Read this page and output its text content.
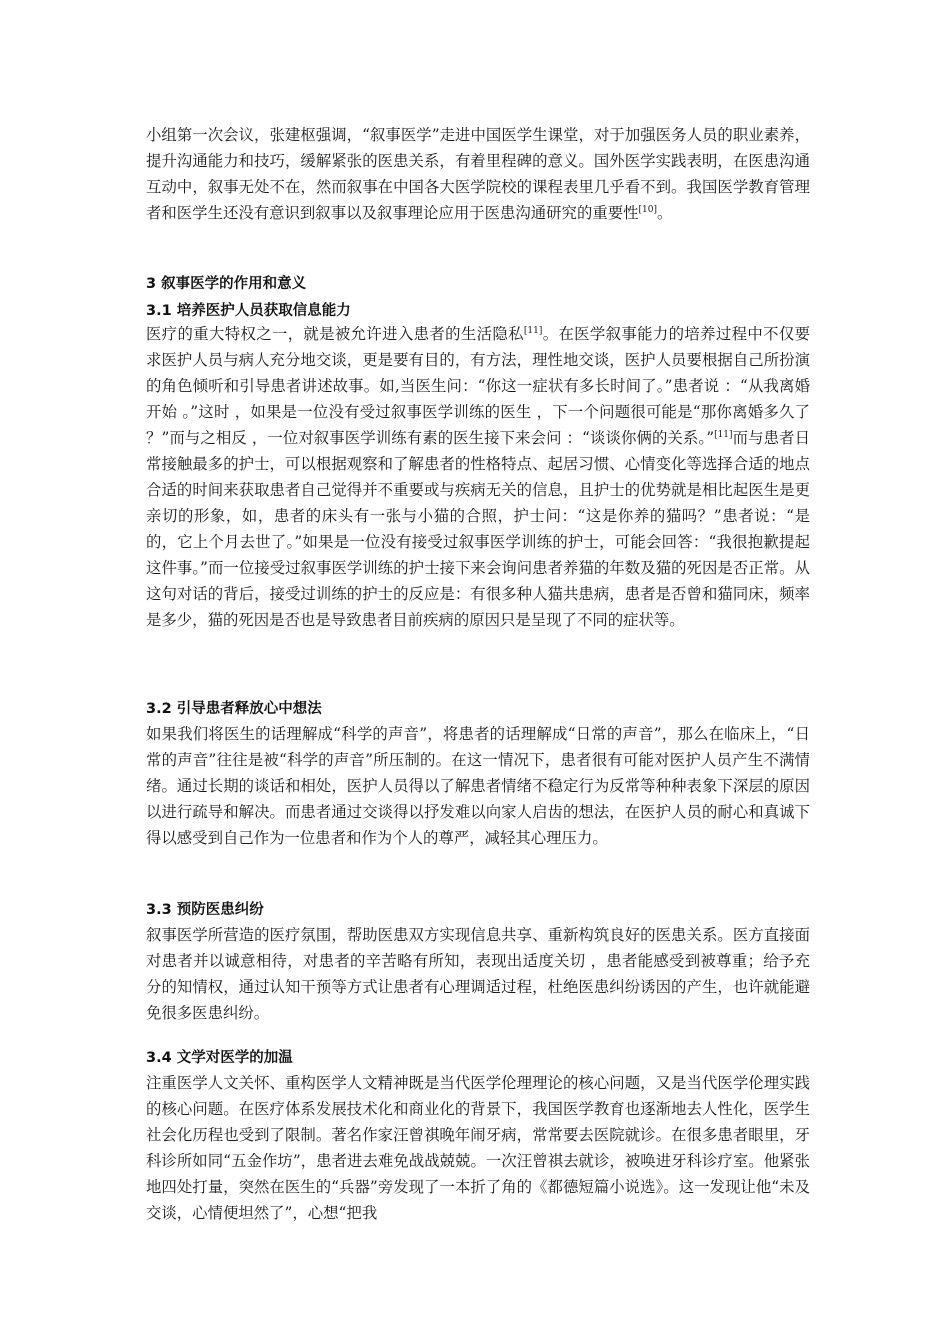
小组第一次会议，张建枢强调，“叙事医学”走进中国医学生课堂，对于加强医务人员的职业素养，提升沟通能力和技巧，缓解紧张的医患关系，有着里程碑的意义。国外医学实践表明，在医患沟通互动中，叙事无处不在，然而叙事在中国各大医学院校的课程表里几乎看不到。我国医学教育管理者和医学生还没有意识到叙事以及叙事理论应用于医患沟通研究的重要性[10]。

3 叙事医学的作用和意义

3.1 培养医护人员获取信息能力

医疗的重大特权之一，就是被允许进入患者的生活隐私[11]。在医学叙事能力的培养过程中不仅要求医护人员与病人充分地交谈，更是要有目的，有方法，理性地交谈，医护人员要根据自己所扮演的角色倾听和引导患者讲述故事。如,当医生问：“你这一症状有多长时间了。”患者说 ：“从我离婚开始 。”这时 ，如果是一位没有受过叙事医学训练的医生 ，下一个问题很可能是“那你离婚多久了 ？”而与之相反 ，一位对叙事医学训练有素的医生接下来会问 ：“谈谈你俩的关系。”[11]而与患者日常接触最多的护士，可以根据观察和了解患者的性格特点、起居习惯、心情变化等选择合适的地点合适的时间来获取患者自己觉得并不重要或与疾病无关的信息，且护士的优势就是相比起医生是更亲切的形象，如，患者的床头有一张与小猫的合照，护士问：“这是你养的猫吗？”患者说：“是的，它上个月去世了。”如果是一位没有接受过叙事医学训练的护士，可能会回答：“我很抱歉提起这件事。”而一位接受过叙事医学训练的护士接下来会询问患者养猫的年数及猫的死因是否正常。从这句对话的背后，接受过训练的护士的反应是：有很多种人猫共患病，患者是否曾和猫同床，频率是多少，猫的死因是否也是导致患者目前疾病的原因只是呈现了不同的症状等。

3.2 引导患者释放心中想法

如果我们将医生的话理解成“科学的声音”，将患者的话理解成“日常的声音”，那么在临床上，“日常的声音”往往是被“科学的声音”所压制的。在这一情况下，患者很有可能对医护人员产生不满情绪。通过长期的谈话和相处，医护人员得以了解患者情绪不稳定行为反常等种种表象下深层的原因以进行疏导和解决。而患者通过交谈得以抒发难以向家人启齿的想法，在医护人员的耐心和真诚下得以感受到自己作为一位患者和作为个人的尊严，减轻其心理压力。

3.3 预防医患纠纷

叙事医学所营造的医疗氛围，帮助医患双方实现信息共享、重新构筑良好的医患关系。医方直接面对患者并以诚意相待，对患者的辛苦略有所知，表现出适度关切 ，患者能感受到被尊重；给予充分的知情权，通过认知干预等方式让患者有心理调适过程，杜绝医患纠纷诱因的产生，也许就能避免很多医患纠纷。

3.4 文学对医学的加温

注重医学人文关怀、重构医学人文精神既是当代医学伦理理论的核心问题，又是当代医学伦理实践的核心问题。在医疗体系发展技术化和商业化的背景下，我国医学教育也逐渐地去人性化，医学生社会化历程也受到了限制。著名作家汪曾祺晚年闹牙病，常常要去医院就诊。在很多患者眼里，牙科诊所如同“五金作坊”，患者进去难免战战兢兢。一次汪曾祺去就诊，被唤进牙科诊疗室。他紧张地四处打量，突然在医生的“兵器”旁发现了一本折了角的《都德短篇小说选》。这一发现让他“未及交谈，心情便坦然了”，心想“把我
